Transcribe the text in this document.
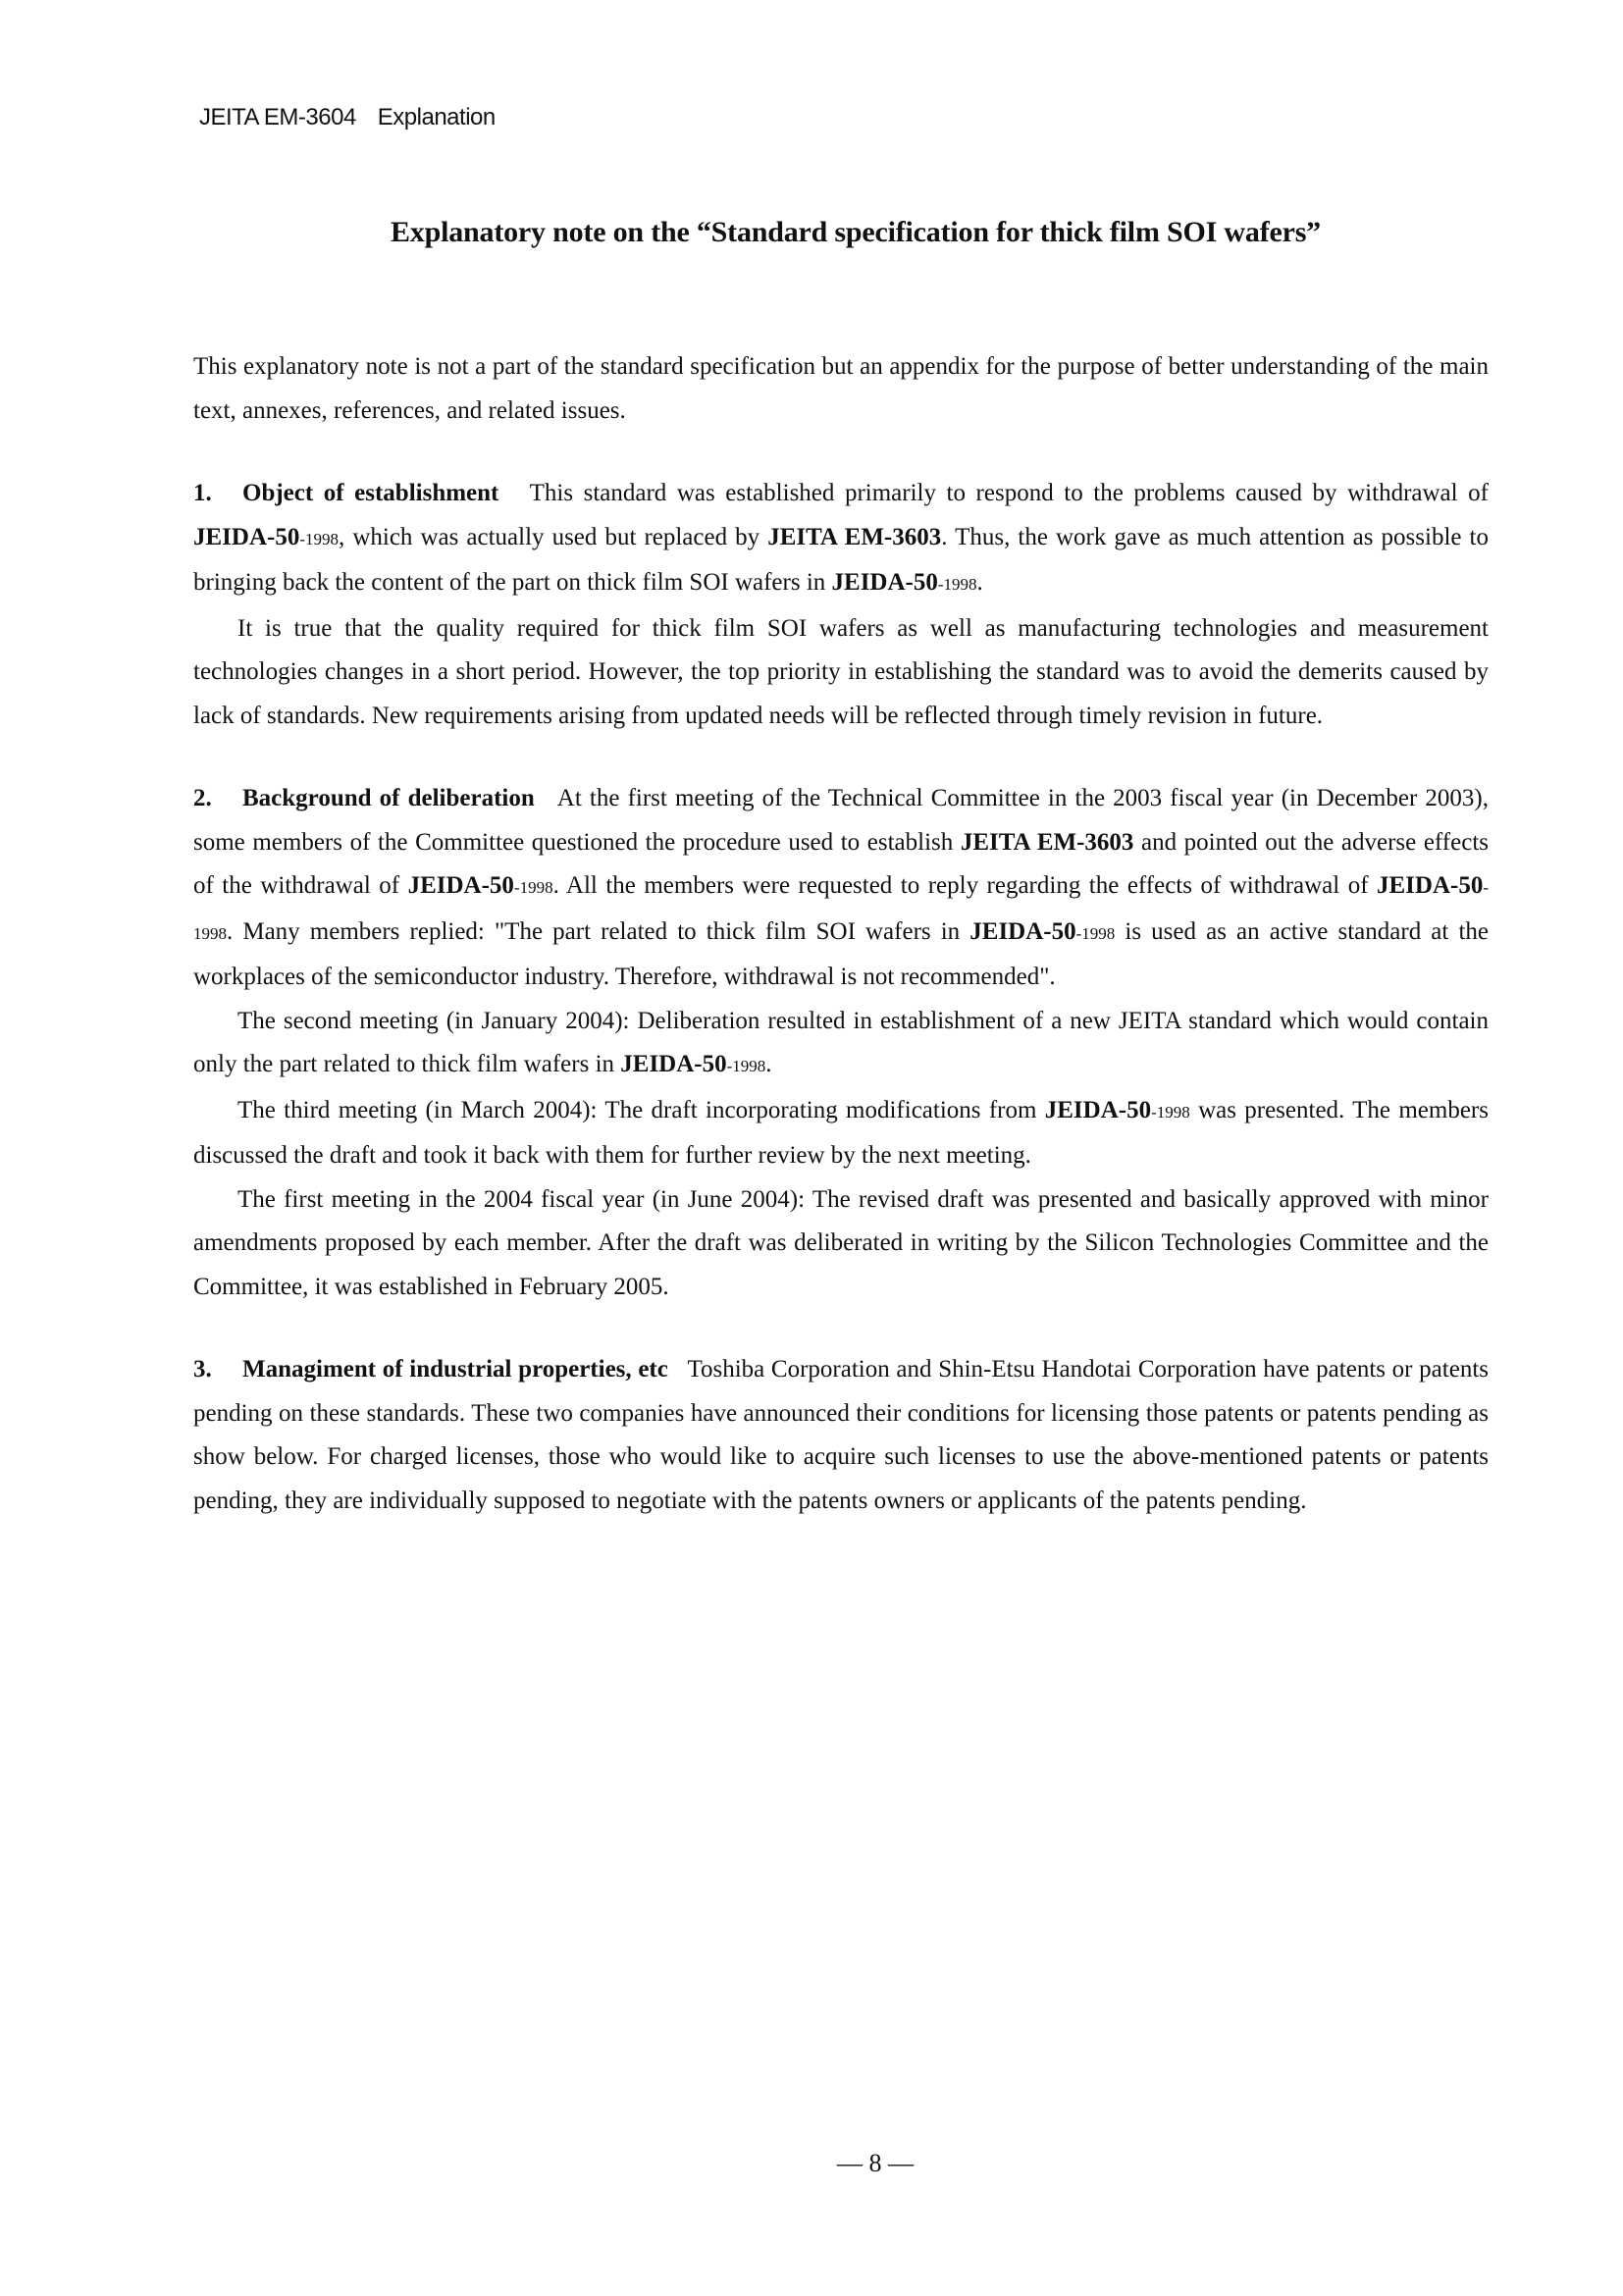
JEITA EM-3604 Explanation
Explanatory note on the “Standard specification for thick film SOI wafers”

This explanatory note is not a part of the standard specification but an appendix for the purpose of better understanding of the main text, annexes, references, and related issues.

1. Object of establishment This standard was established primarily to respond to the problems caused by withdrawal of JEIDA-50-1998, which was actually used but replaced by JEITA EM-3603. Thus, the work gave as much attention as possible to bringing back the content of the part on thick film SOI wafers in JEIDA-50-1998.

It is true that the quality required for thick film SOI wafers as well as manufacturing technologies and measurement technologies changes in a short period. However, the top priority in establishing the standard was to avoid the demerits caused by lack of standards. New requirements arising from updated needs will be reflected through timely revision in future.

2. Background of deliberation At the first meeting of the Technical Committee in the 2003 fiscal year (in December 2003), some members of the Committee questioned the procedure used to establish JEITA EM-3603 and pointed out the adverse effects of the withdrawal of JEIDA-50-1998. All the members were requested to reply regarding the effects of withdrawal of JEIDA-50-1998. Many members replied: "The part related to thick film SOI wafers in JEIDA-50-1998 is used as an active standard at the workplaces of the semiconductor industry. Therefore, withdrawal is not recommended".

The second meeting (in January 2004): Deliberation resulted in establishment of a new JEITA standard which would contain only the part related to thick film wafers in JEIDA-50-1998.

The third meeting (in March 2004): The draft incorporating modifications from JEIDA-50-1998 was presented. The members discussed the draft and took it back with them for further review by the next meeting.

The first meeting in the 2004 fiscal year (in June 2004): The revised draft was presented and basically approved with minor amendments proposed by each member. After the draft was deliberated in writing by the Silicon Technologies Committee and the Committee, it was established in February 2005.

3. Managiment of industrial properties, etc Toshiba Corporation and Shin-Etsu Handotai Corporation have patents or patents pending on these standards. These two companies have announced their conditions for licensing those patents or patents pending as show below. For charged licenses, those who would like to acquire such licenses to use the above-mentioned patents or patents pending, they are individually supposed to negotiate with the patents owners or applicants of the patents pending.

— 8 —
